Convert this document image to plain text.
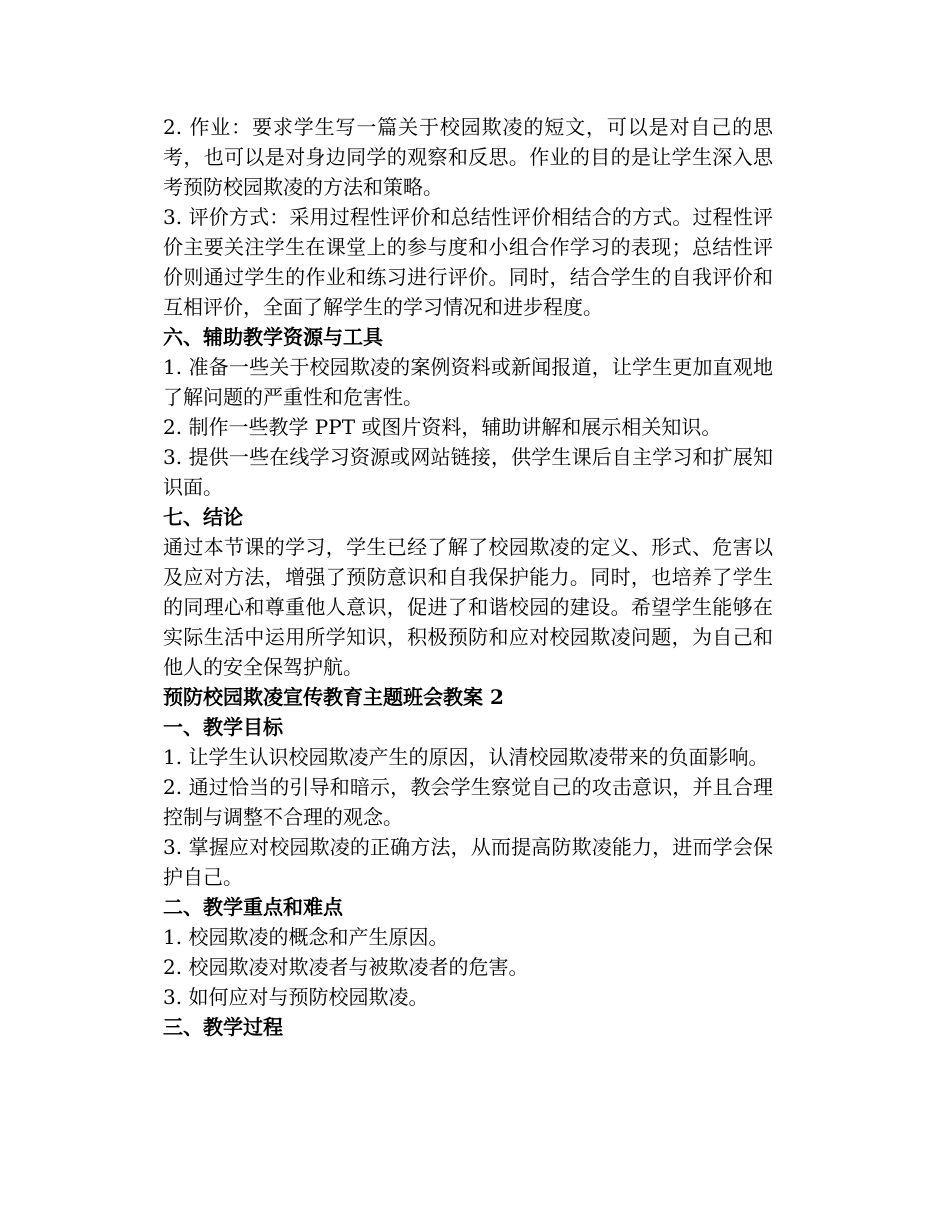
2. 作业：要求学生写一篇关于校园欺凌的短文，可以是对自己的思考，也可以是对身边同学的观察和反思。作业的目的是让学生深入思考预防校园欺凌的方法和策略。

3. 评价方式：采用过程性评价和总结性评价相结合的方式。过程性评价主要关注学生在课堂上的参与度和小组合作学习的表现；总结性评价则通过学生的作业和练习进行评价。同时，结合学生的自我评价和互相评价，全面了解学生的学习情况和进步程度。

六、辅助教学资源与工具

1. 准备一些关于校园欺凌的案例资料或新闻报道，让学生更加直观地了解问题的严重性和危害性。

2. 制作一些教学 PPT 或图片资料，辅助讲解和展示相关知识。

3. 提供一些在线学习资源或网站链接，供学生课后自主学习和扩展知识面。

七、结论

通过本节课的学习，学生已经了解了校园欺凌的定义、形式、危害以及应对方法，增强了预防意识和自我保护能力。同时，也培养了学生的同理心和尊重他人意识，促进了和谐校园的建设。希望学生能够在实际生活中运用所学知识，积极预防和应对校园欺凌问题，为自己和他人的安全保驾护航。

预防校园欺凌宣传教育主题班会教案 2

一、教学目标

1. 让学生认识校园欺凌产生的原因，认清校园欺凌带来的负面影响。

2. 通过恰当的引导和暗示，教会学生察觉自己的攻击意识，并且合理控制与调整不合理的观念。

3. 掌握应对校园欺凌的正确方法，从而提高防欺凌能力，进而学会保护自己。

二、教学重点和难点

1. 校园欺凌的概念和产生原因。

2. 校园欺凌对欺凌者与被欺凌者的危害。

3. 如何应对与预防校园欺凌。

三、教学过程
